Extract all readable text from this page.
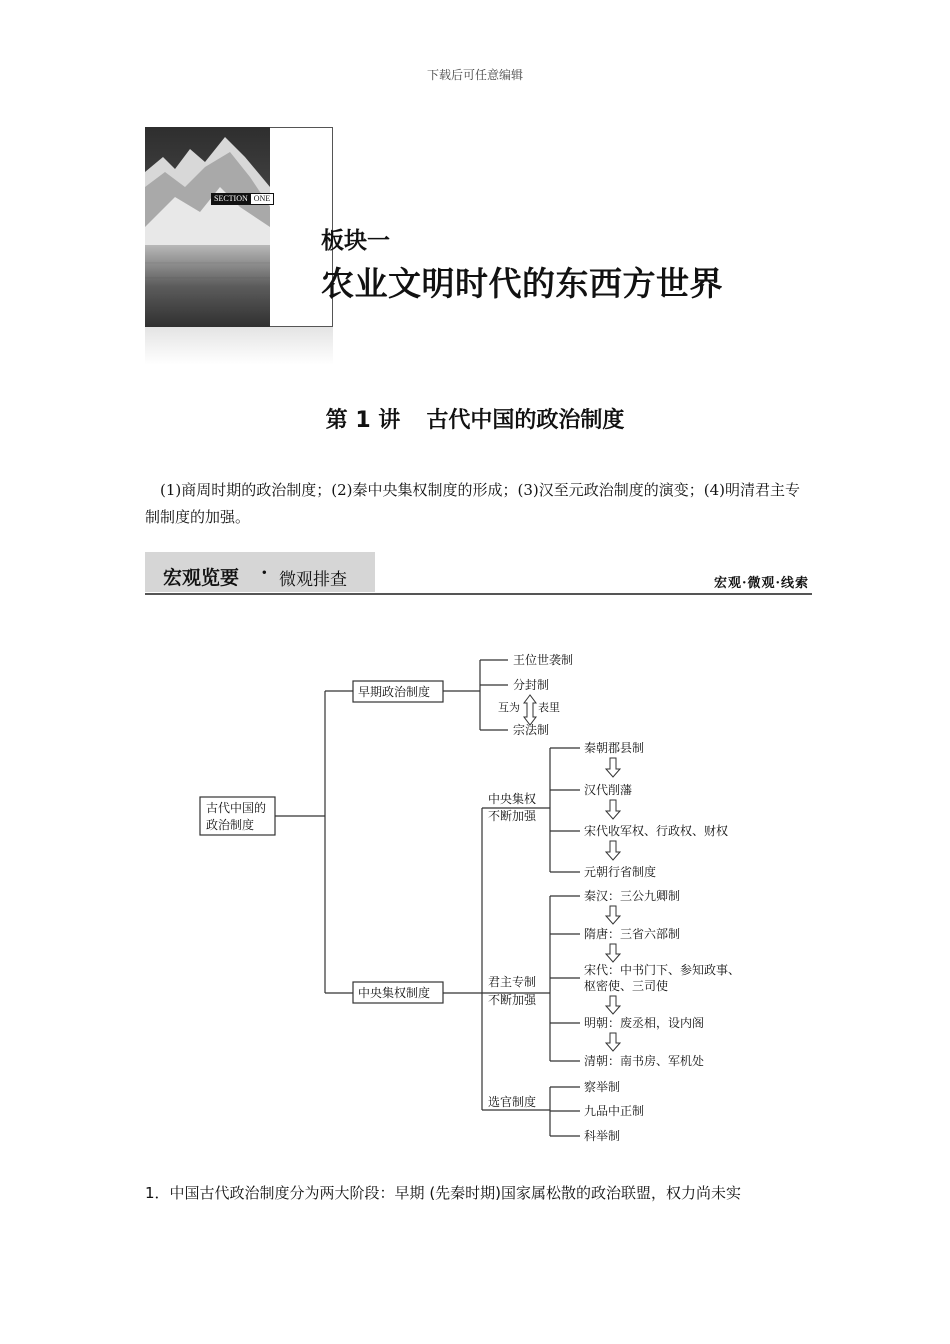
下载后可任意编辑
SECTION ONE
板块一
农业文明时代的东西方世界
第 1 讲 古代中国的政治制度
(1)商周时期的政治制度；(2)秦中央集权制度的形成；(3)汉至元政治制度的演变；(4)明清君主专制制度的加强。
宏观览要 · 微观排查	宏观·微观·线索
古代中国的
政治制度
早期政治制度
王位世袭制
分封制
宗法制
互为 表里
中央集权制度
中央集权
不断加强
秦朝郡县制
汉代削藩
宋代收军权、行政权、财权
元朝行省制度
君主专制
不断加强
秦汉：三公九卿制
隋唐：三省六部制
宋代：中书门下、参知政事、
枢密使、三司使
明朝：废丞相，设内阁
清朝：南书房、军机处
选官制度
察举制
九品中正制
科举制
1．中国古代政治制度分为两大阶段：早期 (先秦时期)国家属松散的政治联盟，权力尚未实
